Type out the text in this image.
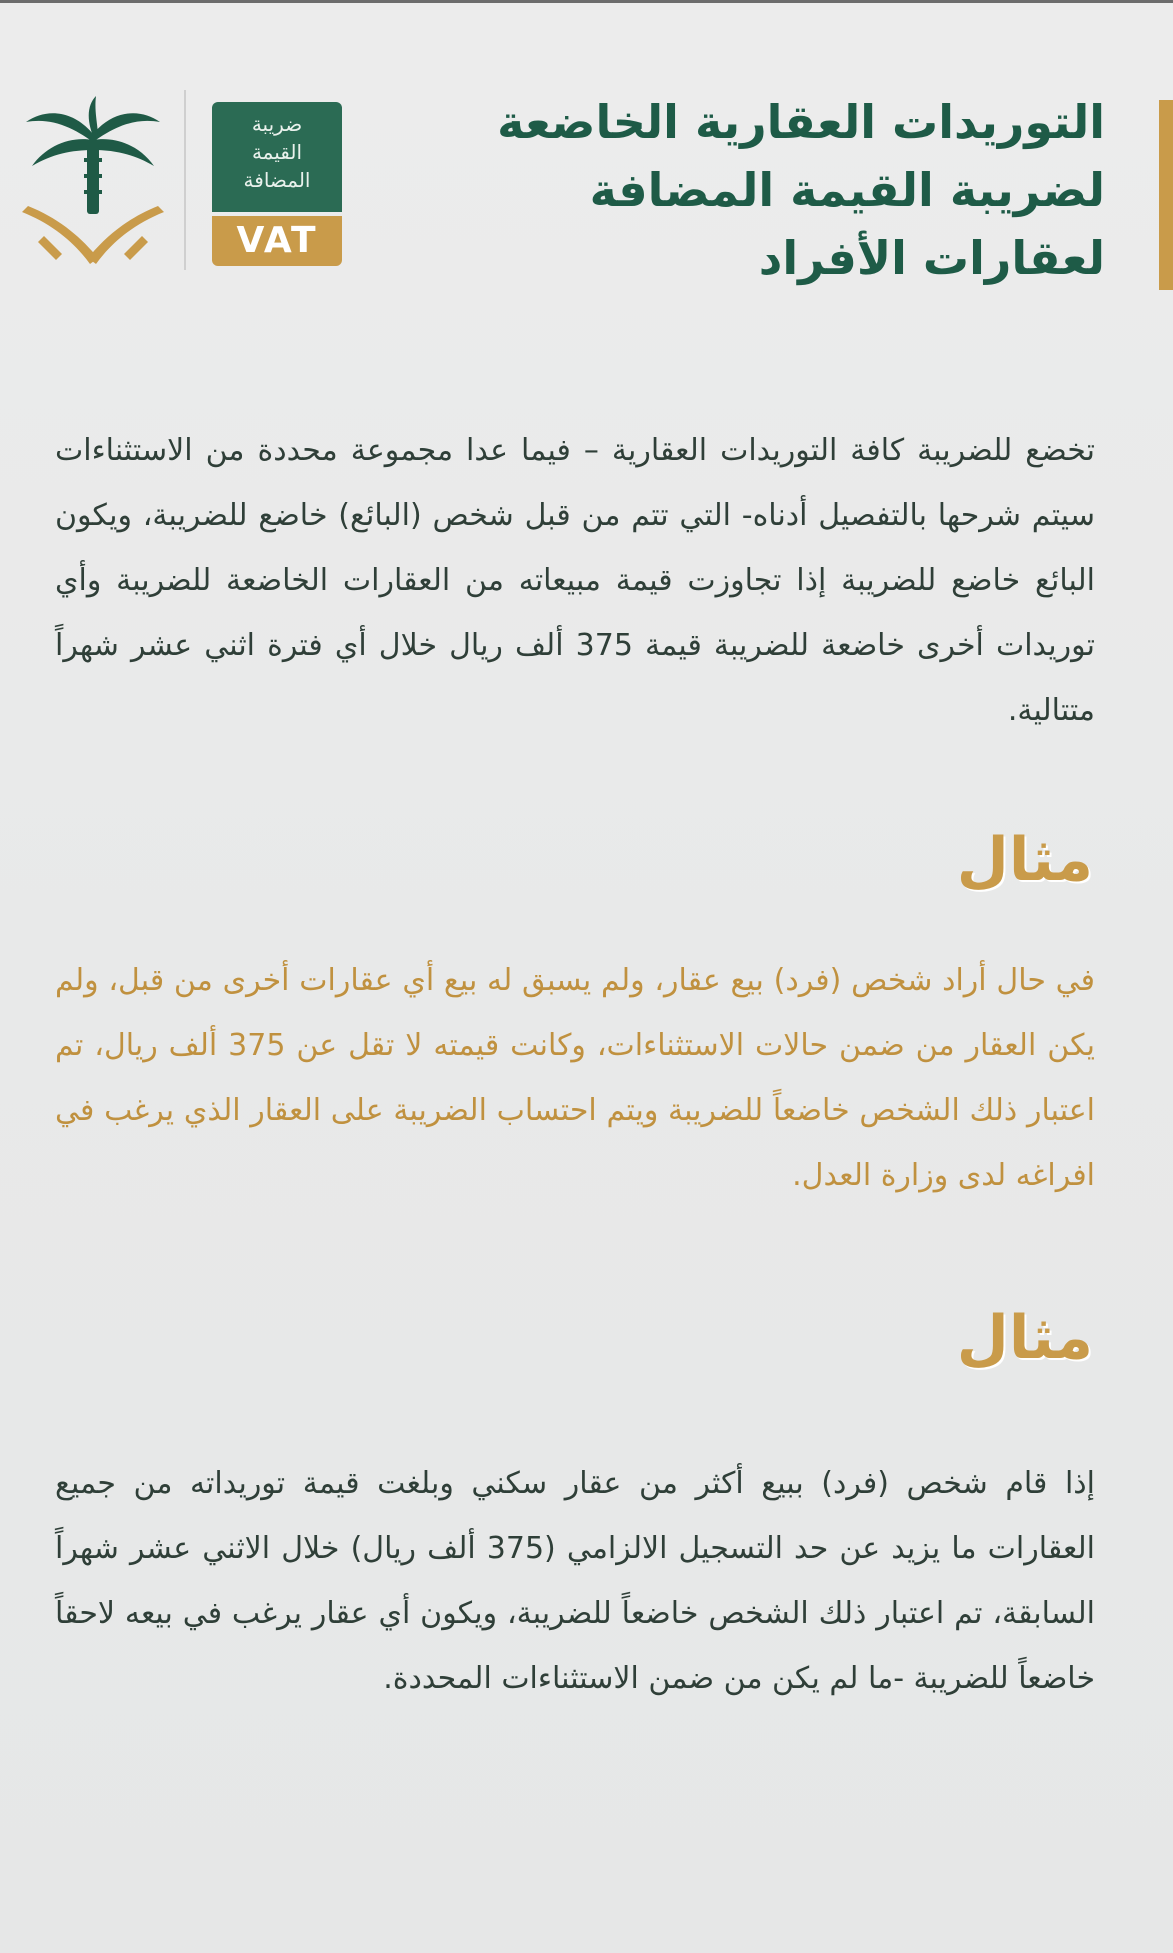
التوريدات العقارية الخاضعة
لضريبة القيمة المضافة
لعقارات الأفراد
ضريبة
القيمة
المضافة
VAT
تخضع للضريبة كافة التوريدات العقارية – فيما عدا مجموعة محددة من الاستثناءات سيتم شرحها بالتفصيل أدناه- التي تتم من قبل شخص (البائع) خاضع للضريبة، ويكون البائع خاضع للضريبة إذا تجاوزت قيمة مبيعاته من العقارات الخاضعة للضريبة وأي توريدات أخرى خاضعة للضريبة قيمة 375 ألف ريال خلال أي فترة اثني عشر شهراً متتالية.
مثال
في حال أراد شخص (فرد) بيع عقار، ولم يسبق له بيع أي عقارات أخرى من قبل، ولم يكن العقار من ضمن حالات الاستثناءات، وكانت قيمته لا تقل عن 375 ألف ريال، تم اعتبار ذلك الشخص خاضعاً للضريبة ويتم احتساب الضريبة على العقار الذي يرغب في افراغه لدى وزارة العدل.
مثال
إذا قام شخص (فرد) ببيع أكثر من عقار سكني وبلغت قيمة توريداته من جميع العقارات ما يزيد عن حد التسجيل الالزامي (375 ألف ريال) خلال الاثني عشر شهراً السابقة، تم اعتبار ذلك الشخص خاضعاً للضريبة، ويكون أي عقار يرغب في بيعه لاحقاً خاضعاً للضريبة -ما لم يكن من ضمن الاستثناءات المحددة.
